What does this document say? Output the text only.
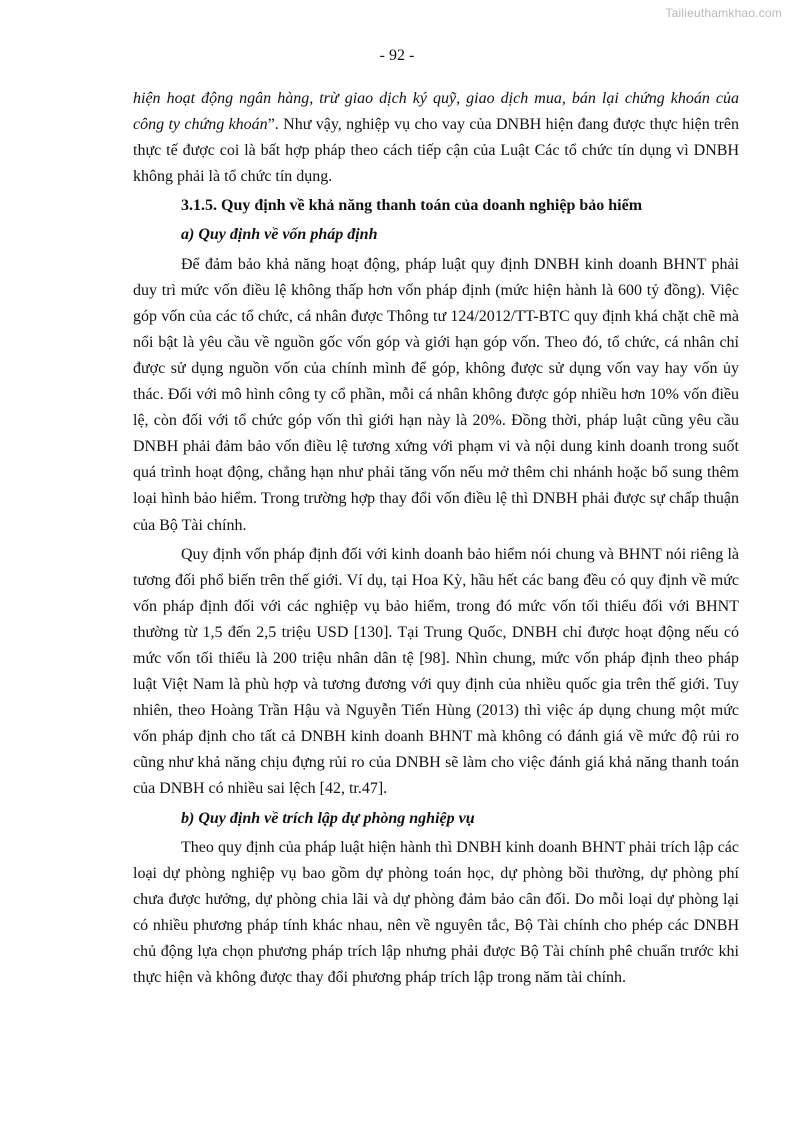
Tailieuthamkhao.com
- 92 -

hiện hoạt động ngân hàng, trừ giao dịch ký quỹ, giao dịch mua, bán lại chứng khoán của công ty chứng khoán”. Như vậy, nghiệp vụ cho vay của DNBH hiện đang được thực hiện trên thực tế được coi là bất hợp pháp theo cách tiếp cận của Luật Các tổ chức tín dụng vì DNBH không phải là tổ chức tín dụng.

3.1.5. Quy định về khả năng thanh toán của doanh nghiệp bảo hiểm
a) Quy định về vốn pháp định

Để đảm bảo khả năng hoạt động, pháp luật quy định DNBH kinh doanh BHNT phải duy trì mức vốn điều lệ không thấp hơn vốn pháp định (mức hiện hành là 600 tỷ đồng). Việc góp vốn của các tổ chức, cá nhân được Thông tư 124/2012/TT-BTC quy định khá chặt chẽ mà nổi bật là yêu cầu về nguồn gốc vốn góp và giới hạn góp vốn. Theo đó, tổ chức, cá nhân chỉ được sử dụng nguồn vốn của chính mình để góp, không được sử dụng vốn vay hay vốn ủy thác. Đối với mô hình công ty cổ phần, mỗi cá nhân không được góp nhiều hơn 10% vốn điều lệ, còn đối với tổ chức góp vốn thì giới hạn này là 20%. Đồng thời, pháp luật cũng yêu cầu DNBH phải đảm bảo vốn điều lệ tương xứng với phạm vi và nội dung kinh doanh trong suốt quá trình hoạt động, chẳng hạn như phải tăng vốn nếu mở thêm chi nhánh hoặc bổ sung thêm loại hình bảo hiểm. Trong trường hợp thay đổi vốn điều lệ thì DNBH phải được sự chấp thuận của Bộ Tài chính.

Quy định vốn pháp định đối với kinh doanh bảo hiểm nói chung và BHNT nói riêng là tương đối phổ biến trên thế giới. Ví dụ, tại Hoa Kỳ, hầu hết các bang đều có quy định về mức vốn pháp định đối với các nghiệp vụ bảo hiểm, trong đó mức vốn tối thiểu đối với BHNT thường từ 1,5 đến 2,5 triệu USD [130]. Tại Trung Quốc, DNBH chỉ được hoạt động nếu có mức vốn tối thiểu là 200 triệu nhân dân tệ [98]. Nhìn chung, mức vốn pháp định theo pháp luật Việt Nam là phù hợp và tương đương với quy định của nhiều quốc gia trên thế giới. Tuy nhiên, theo Hoàng Trần Hậu và Nguyễn Tiến Hùng (2013) thì việc áp dụng chung một mức vốn pháp định cho tất cả DNBH kinh doanh BHNT mà không có đánh giá về mức độ rủi ro cũng như khả năng chịu đựng rủi ro của DNBH sẽ làm cho việc đánh giá khả năng thanh toán của DNBH có nhiều sai lệch [42, tr.47].

b) Quy định về trích lập dự phòng nghiệp vụ

Theo quy định của pháp luật hiện hành thì DNBH kinh doanh BHNT phải trích lập các loại dự phòng nghiệp vụ bao gồm dự phòng toán học, dự phòng bồi thường, dự phòng phí chưa được hưởng, dự phòng chia lãi và dự phòng đảm bảo cân đối. Do mỗi loại dự phòng lại có nhiều phương pháp tính khác nhau, nên về nguyên tắc, Bộ Tài chính cho phép các DNBH chủ động lựa chọn phương pháp trích lập nhưng phải được Bộ Tài chính phê chuẩn trước khi thực hiện và không được thay đổi phương pháp trích lập trong năm tài chính.
